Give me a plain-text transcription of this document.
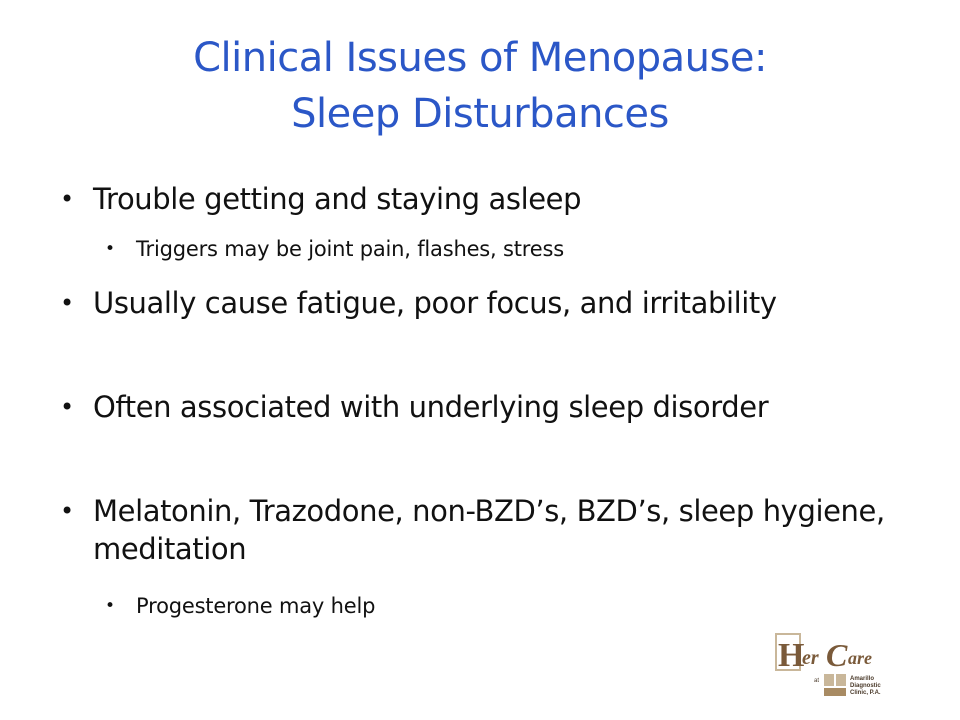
Clinical Issues of Menopause:
Sleep Disturbances
• Trouble getting and staying asleep
• Triggers may be joint pain, flashes, stress
• Usually cause fatigue, poor focus, and irritability
• Often associated with underlying sleep disorder
• Melatonin, Trazodone, non-BZD’s, BZD’s, sleep hygiene, meditation
• Progesterone may help
H
er C are
at	Amarillo
Diagnostic
Clinic, P.A.
